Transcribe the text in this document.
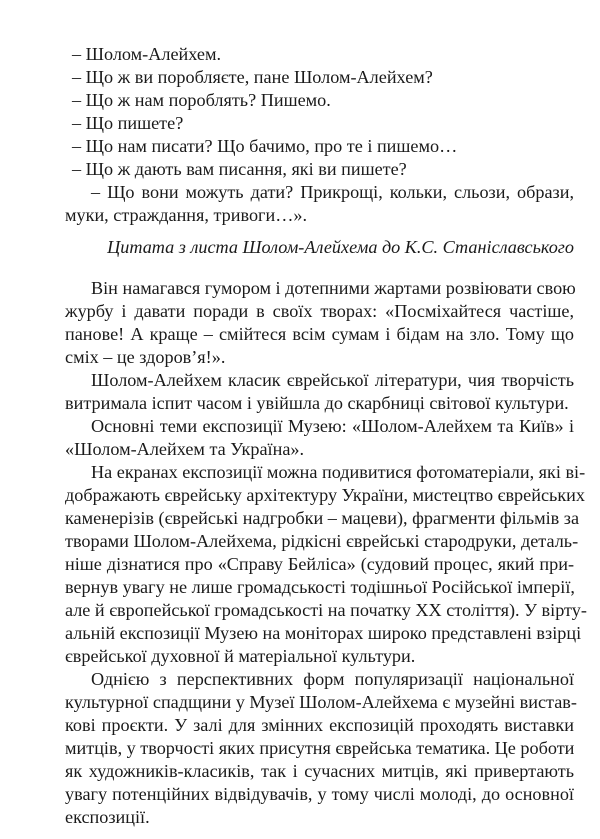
– Шолом-Алейхем.
– Що ж ви поробляєте, пане Шолом-Алейхем?
– Що ж нам пороблять? Пишемо.
– Що пишете?
– Що нам писати? Що бачимо, про те і пишемо…
– Що ж дають вам писання, які ви пишете?
– Що вони можуть дати? Прикрощі, кольки, сльози, образи,
муки, страждання, тривоги…».
Цитата з листа Шолом-Алейхема до К.С. Станіславського
Він намагався гумором і дотепними жартами розвіювати свою
журбу і давати поради в своїх творах: «Посміхайтеся частіше,
панове! А краще – смійтеся всім сумам і бідам на зло. Тому що
сміх – це здоров’я!».
Шолом-Алейхем класик єврейської літератури, чия творчість
витримала іспит часом і увійшла до скарбниці світової культури.
Основні теми експозиції Музею: «Шолом-Алейхем та Київ» і
«Шолом-Алейхем та Україна».
На екранах експозиції можна подивитися фотоматеріали, які ві-
дображають єврейську архітектуру України, мистецтво єврейських
каменерізів (єврейські надгробки – мацеви), фрагменти фільмів за
творами Шолом-Алейхема, рідкісні єврейські стародруки, деталь-
ніше дізнатися про «Справу Бейліса» (судовий процес, який при-
вернув увагу не лише громадськості тодішньої Російської імперії,
але й європейської громадськості на початку ХХ століття). У вірту-
альній експозиції Музею на моніторах широко представлені взірці
єврейської духовної й матеріальної культури.
Однією з перспективних форм популяризації національної
культурної спадщини у Музеї Шолом-Алейхема є музейні вистав-
кові проєкти. У залі для змінних експозицій проходять виставки
митців, у творчості яких присутня єврейська тематика. Це роботи
як художників-класиків, так і сучасних митців, які привертають
увагу потенційних відвідувачів, у тому числі молоді, до основної
експозиції.
